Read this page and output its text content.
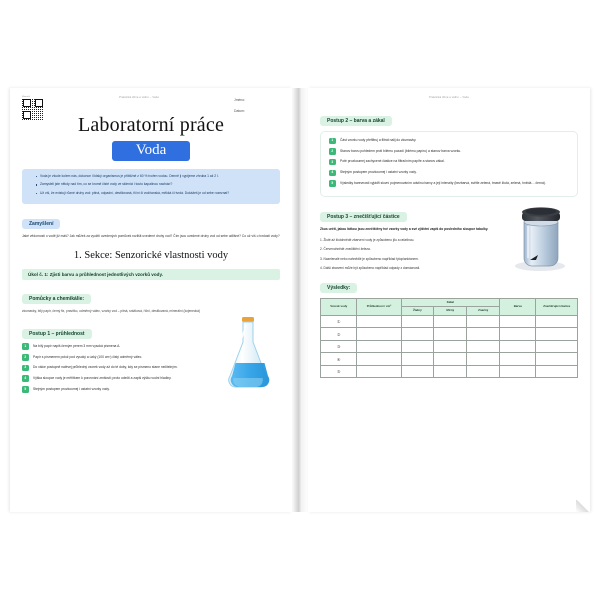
Materiál	Praktická dílna a vědro – Voda
Jméno:
Datum:
Laboratorní práce
Voda
Voda je všude kolem nás, dokonce i lidský organismus je přibližně z 60 % tvořen vodou. Denně ji vypijeme zhruba 1 až 2 l.
Zamysleli jste někdy nad tím, co se kromě čisté vody ve sklenici i touto kapalinou nachází?
Už víš, že existují různé druhy vod: pitná, odpadní, destilovaná, říční či vodňanská, měkká či tvrdá. Dokážeš je od sebe rozeznat?
Zamyšlení

Jaké vědomosti o vodě již máš? Jak můžeš za využití uvedených pomůcek rozlišit uvedené druhy vod? Čím jsou uvedené druhy vod od sebe odlišné? Co už víš o tvrdosti vody?

1. Sekce: Senzorické vlastnosti vody
Úkol č. 1: Zjisti barvu a průhlednost jednotlivých vzorků vody.
Pomůcky a chemikálie:

zkumavky, bílý papír, černý fix, pravítko, odměrný válec, vzorky vod – pitná, srážková, říční, destilovaná, minerální (kojenecká)

Postup 1 – průhlednost
1	Na bílý papír napiš černým perem 3 mm vysoká písmena A.
2	Papír s písmenem polož pod vysoký a úzký (100 cm³) čistý odměrný válec.
3	Do válce postupně nalévej průhledný vzorek vody až do té doby, kdy se písmeno stane nečitelným.
4	Výška sloupce vody je měřítkem k porovnání zrnitosti; proto odečti a zapiš výšku vodní hladiny.
5	Stejným postupem prozkoumej i ostatní vzorky vody.
Praktická dílna a vědro – Voda
Postup 2 – barva a zákal
1	Část vzorku vody přefiltruj a filtrát nalij do zkumavky.
2	Stanov barvu pohledem proti bílému pozadí (bílému papíru) a stanov barva vzorku.
3	Poté prozkoumej zachycené částice na filtračním papíře a stanov zákal.
4	Stejným postupem prozkoumej i ostatní vzorky vody.
5	Výsledky barevnosti vyjádři slovní pojmenováním odstínu barvy a její intenzity (bezbarvá, světle zelená, tmavě žlutá, zelená, hnědá… černá).
Postup 3 – znečišťující částice

Zkus určit, jakou látkou jsou znečištěny tvé vzorky vody a své zjištění zapiš do posledního sloupce tabulky.

1. Žluté až žlutohnědé zbarvení vody je způsobeno jílu a rašelinou.
2. Červenohnědé znečištění železa.
3. Nazelenalé nebo nahnědlé je způsobeno například fytoplanktonem.
4. Další zbarvení může být způsobeno například odpady z domácnosti.
Výsledky:
Vzorek vody	Průhlednost / cm³	Zákal			Barva	Znečišťující částice
		Žádný	Mírný	Značný		
①						
②						
③						
④						
⑤						
